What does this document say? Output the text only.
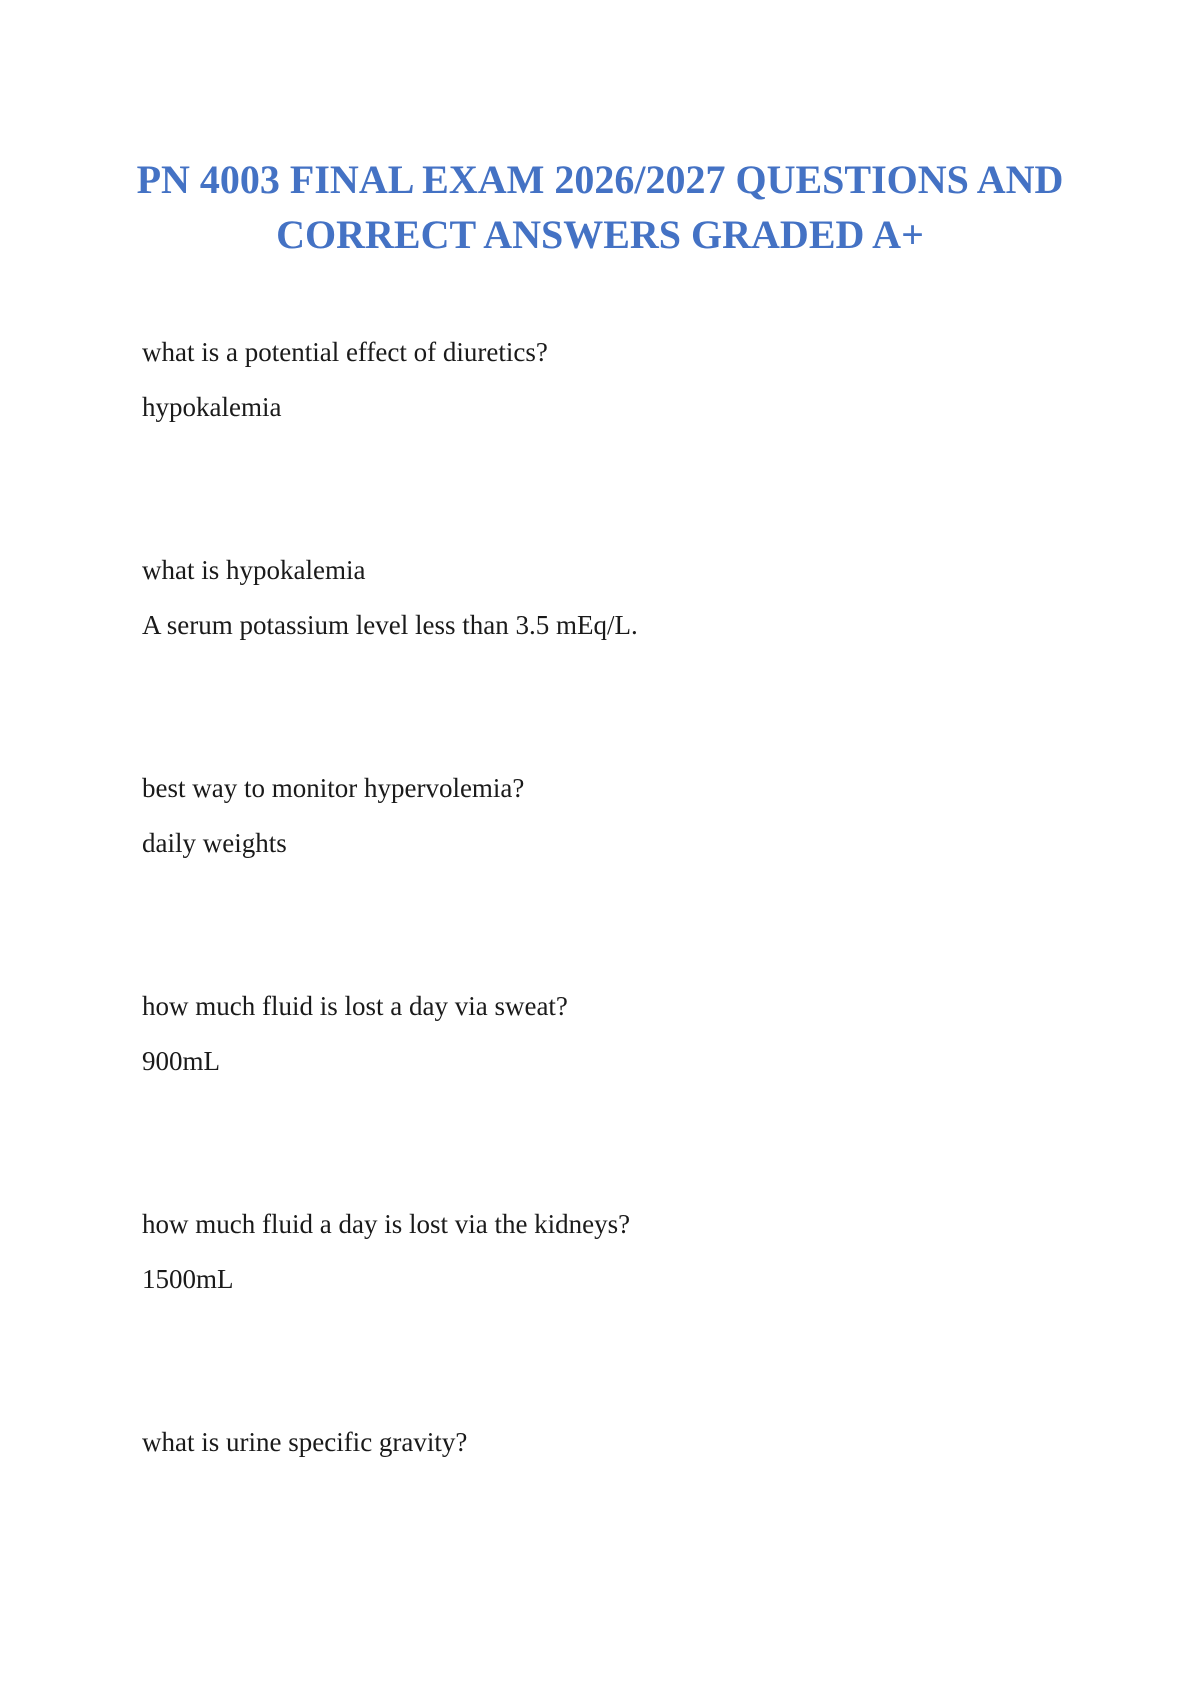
PN 4003 FINAL EXAM 2026/2027 QUESTIONS AND CORRECT ANSWERS GRADED A+
what is a potential effect of diuretics?
hypokalemia
what is hypokalemia
A serum potassium level less than 3.5 mEq/L.
best way to monitor hypervolemia?
daily weights
how much fluid is lost a day via sweat?
900mL
how much fluid a day is lost via the kidneys?
1500mL
what is urine specific gravity?
